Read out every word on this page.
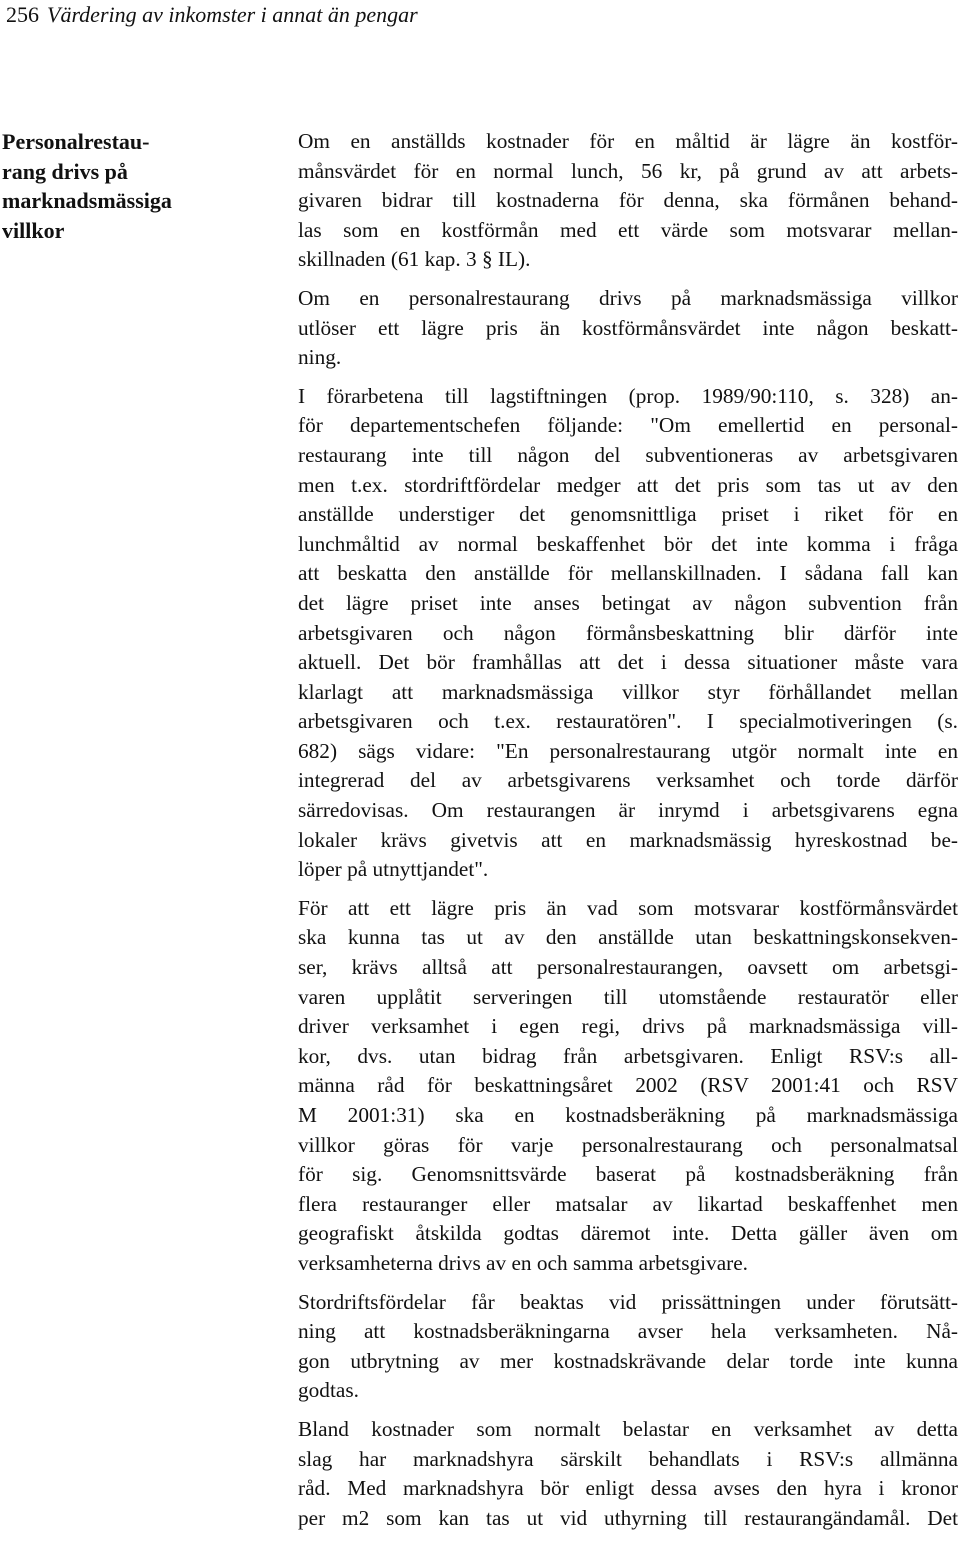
256 Värdering av inkomster i annat än pengar
Personalrestau-
rang drivs på
marknadsmässiga
villkor
Om en anställds kostnader för en måltid är lägre än kostför-
månsvärdet för en normal lunch, 56 kr, på grund av att arbets-
givaren bidrar till kostnaderna för denna, ska förmånen behand-
las som en kostförmån med ett värde som motsvarar mellan-
skillnaden (61 kap. 3 § IL).
Om en personalrestaurang drivs på marknadsmässiga villkor
utlöser ett lägre pris än kostförmånsvärdet inte någon beskatt-
ning.
I förarbetena till lagstiftningen (prop. 1989/90:110, s. 328) an-
för departementschefen följande: "Om emellertid en personal-
restaurang inte till någon del subventioneras av arbetsgivaren
men t.ex. stordriftfördelar medger att det pris som tas ut av den
anställde understiger det genomsnittliga priset i riket för en
lunchmåltid av normal beskaffenhet bör det inte komma i fråga
att beskatta den anställde för mellanskillnaden. I sådana fall kan
det lägre priset inte anses betingat av någon subvention från
arbetsgivaren och någon förmånsbeskattning blir därför inte
aktuell. Det bör framhållas att det i dessa situationer måste vara
klarlagt att marknadsmässiga villkor styr förhållandet mellan
arbetsgivaren och t.ex. restauratören". I specialmotiveringen (s.
682) sägs vidare: "En personalrestaurang utgör normalt inte en
integrerad del av arbetsgivarens verksamhet och torde därför
särredovisas. Om restaurangen är inrymd i arbetsgivarens egna
lokaler krävs givetvis att en marknadsmässig hyreskostnad be-
löper på utnyttjandet".
För att ett lägre pris än vad som motsvarar kostförmånsvärdet
ska kunna tas ut av den anställde utan beskattningskonsekven-
ser, krävs alltså att personalrestaurangen, oavsett om arbetsgi-
varen upplåtit serveringen till utomstående restauratör eller
driver verksamhet i egen regi, drivs på marknadsmässiga vill-
kor, dvs. utan bidrag från arbetsgivaren. Enligt RSV:s all-
männa råd för beskattningsåret 2002 (RSV 2001:41 och RSV
M 2001:31) ska en kostnadsberäkning på marknadsmässiga
villkor göras för varje personalrestaurang och personalmatsal
för sig. Genomsnittsvärde baserat på kostnadsberäkning från
flera restauranger eller matsalar av likartad beskaffenhet men
geografiskt åtskilda godtas däremot inte. Detta gäller även om
verksamheterna drivs av en och samma arbetsgivare.
Stordriftsfördelar får beaktas vid prissättningen under förutsätt-
ning att kostnadsberäkningarna avser hela verksamheten. Nå-
gon utbrytning av mer kostnadskrävande delar torde inte kunna
godtas.
Bland kostnader som normalt belastar en verksamhet av detta
slag har marknadshyra särskilt behandlats i RSV:s allmänna
råd. Med marknadshyra bör enligt dessa avses den hyra i kronor
per m2 som kan tas ut vid uthyrning till restaurangändamål. Det
